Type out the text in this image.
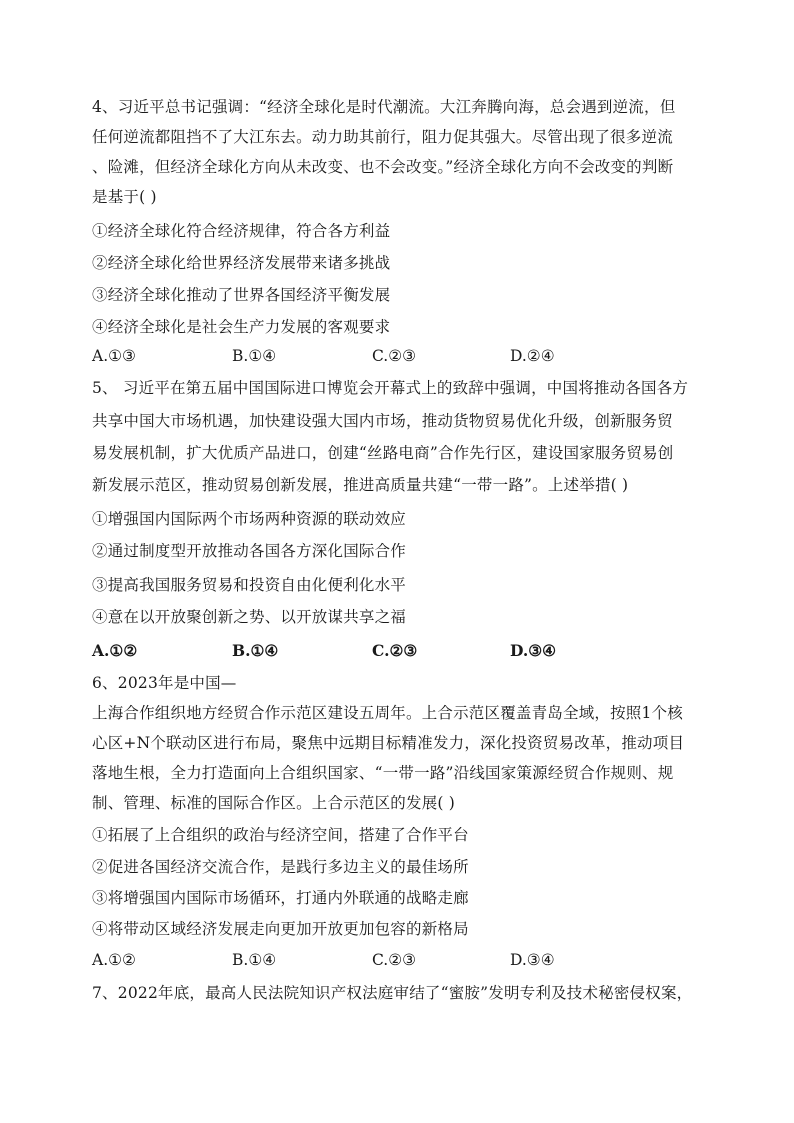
4、习近平总书记强调：“经济全球化是时代潮流。大江奔腾向海，总会遇到逆流，但
任何逆流都阻挡不了大江东去。动力助其前行，阻力促其强大。尽管出现了很多逆流
、险滩，但经济全球化方向从未改变、也不会改变。”经济全球化方向不会改变的判断
是基于( )
①经济全球化符合经济规律，符合各方利益
②经济全球化给世界经济发展带来诸多挑战
③经济全球化推动了世界各国经济平衡发展
④经济全球化是社会生产力发展的客观要求
A.①③	B.①④	C.②③	D.②④
5、 习近平在第五届中国国际进口博览会开幕式上的致辞中强调，中国将推动各国各方
共享中国大市场机遇，加快建设强大国内市场，推动货物贸易优化升级，创新服务贸
易发展机制，扩大优质产品进口，创建“丝路电商”合作先行区，建设国家服务贸易创
新发展示范区，推动贸易创新发展，推进高质量共建“一带一路”。上述举措( )
①增强国内国际两个市场两种资源的联动效应
②通过制度型开放推动各国各方深化国际合作
③提高我国服务贸易和投资自由化便利化水平
④意在以开放聚创新之势、以开放谋共享之福
A.①②	B.①④	C.②③	D.③④
6、2023年是中国—
上海合作组织地方经贸合作示范区建设五周年。上合示范区覆盖青岛全域，按照1个核
心区+N个联动区进行布局，聚焦中远期目标精准发力，深化投资贸易改革，推动项目
落地生根，全力打造面向上合组织国家、“一带一路”沿线国家策源经贸合作规则、规
制、管理、标准的国际合作区。上合示范区的发展( )
①拓展了上合组织的政治与经济空间，搭建了合作平台
②促进各国经济交流合作，是践行多边主义的最佳场所
③将增强国内国际市场循环，打通内外联通的战略走廊
④将带动区域经济发展走向更加开放更加包容的新格局
A.①②	B.①④	C.②③	D.③④
7、2022年底，最高人民法院知识产权法庭审结了“蜜胺”发明专利及技术秘密侵权案，
